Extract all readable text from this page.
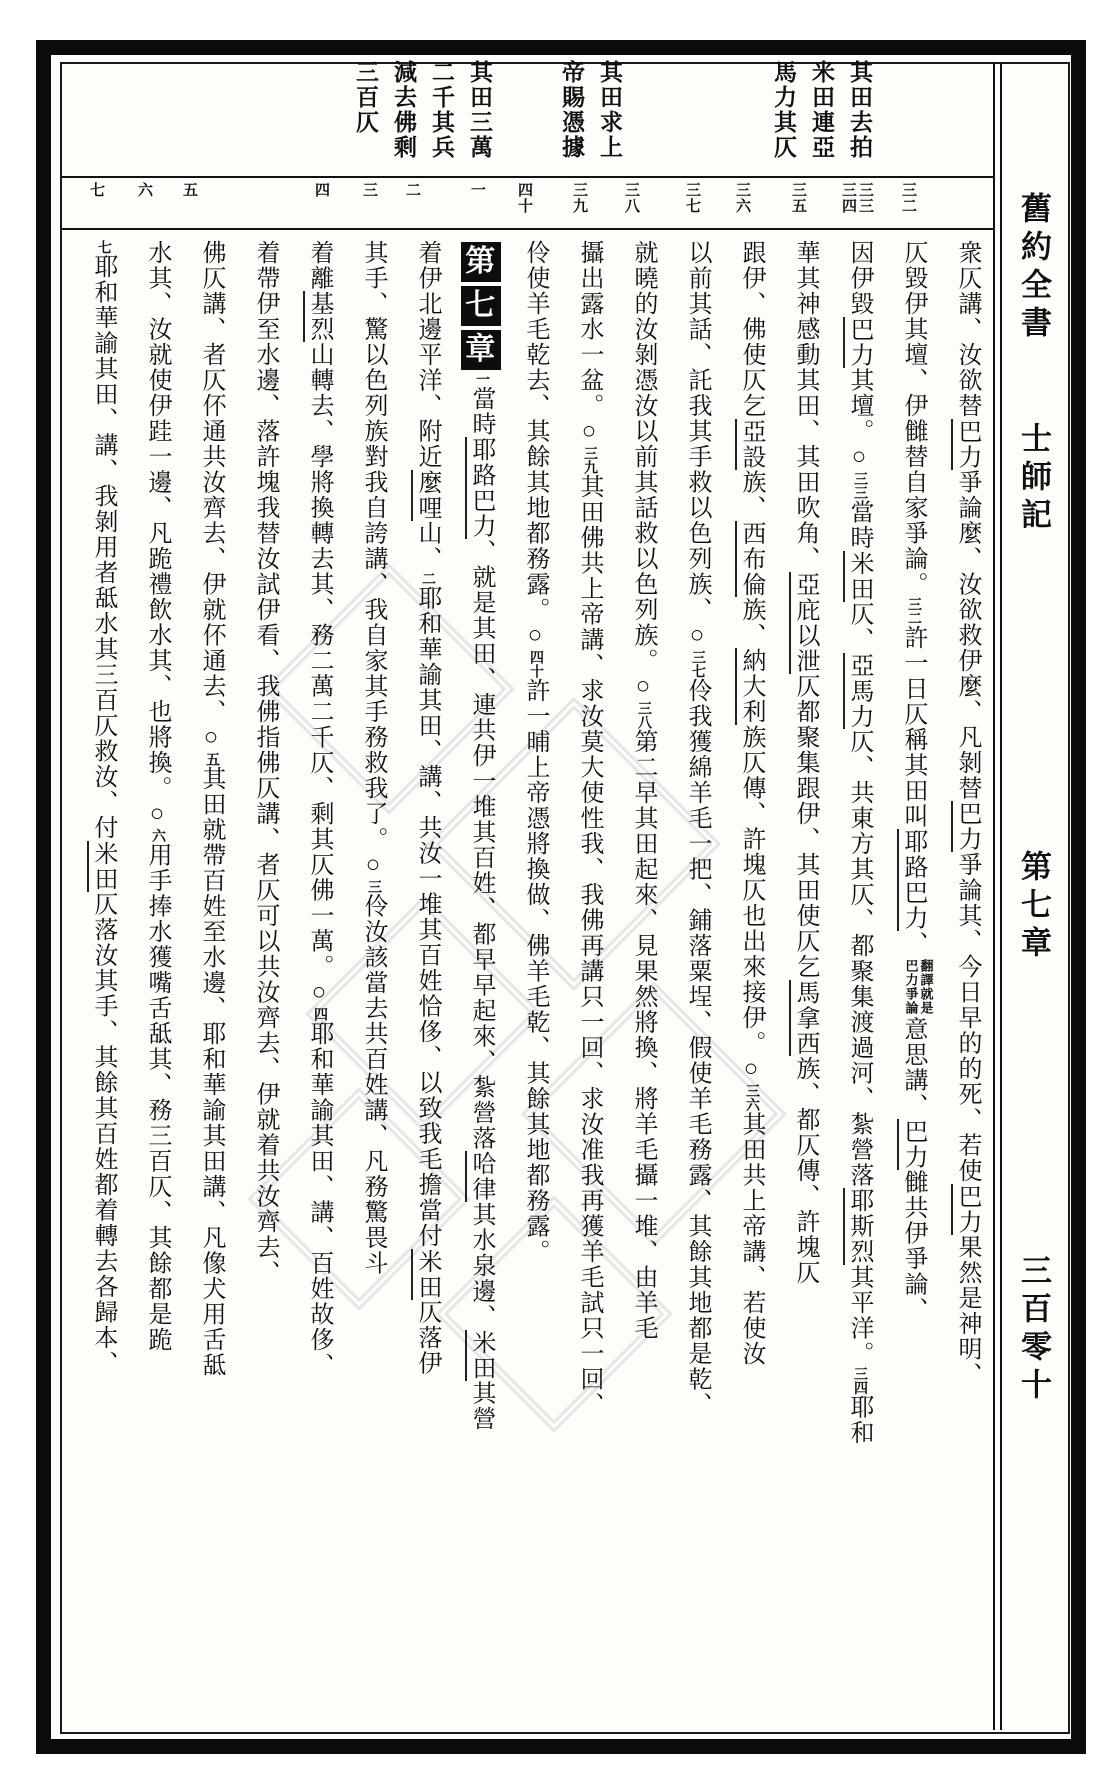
舊約全書
士師記
第七章
三百零十
其田去拍
米田連亞
馬力其仄
其田求上
帝賜憑據
其田三萬
二千其兵
減去佛剩
三百仄
三二
三三
三四
三五
三六
三七
三八
三九
四十
一
二
三
四
五
六
七
衆仄講、汝欲替巴力爭論麼、汝欲救伊麼、凡剝替巴力爭論其、今日早的的死、若使巴力果然是神明、
仄毀伊其壇、伊雠替自家爭論。三二許一日仄稱其田叫耶路巴力、
翻譯就是
巴力爭論
意思講、巴力雠共伊爭論、
因伊毀巴力其壇。○三三當時米田仄、亞馬力仄、共東方其仄、都聚集渡過河、紮營落耶斯烈其平洋。三四耶和
華其神感動其田、其田吹角、亞庇以泄仄都聚集跟伊、其田使仄乞馬拿西族、都仄傳、許塊仄
跟伊、佛使仄乞亞設族、西布倫族、納大利族仄傳、許塊仄也出來接伊。○三六其田共上帝講、若使汝
以前其話、託我其手救以色列族、○三七伶我獲綿羊毛一把、鋪落粟埕、假使羊毛務露、其餘其地都是乾、
就曉的汝剝憑汝以前其話救以色列族。○三八第二早其田起來、見果然將換、將羊毛攝一堆、由羊毛
攝出露水一盆。○三九其田佛共上帝講、求汝莫大使性我、我佛再講只一回、求汝准我再獲羊毛試只一回、
伶使羊毛乾去、其餘其地都務露。○四十許一晡上帝憑將換做、佛羊毛乾、其餘其地都務露。
第七章一當時耶路巴力、就是其田、連共伊一堆其百姓、都早早起來、紮營落哈律其水泉邊、米田其營
着伊北邊平洋、附近麼哩山、二耶和華諭其田、講、共汝一堆其百姓恰侈、以致我毛擔當付米田仄落伊
其手、驚以色列族對我自誇講、我自家其手務救我了。○三伶汝該當去共百姓講、凡務驚畏斗
着離基烈山轉去、學將換轉去其、務二萬二千仄、剩其仄佛一萬。○四耶和華諭其田、講、百姓故侈、
着帶伊至水邊、落許塊我替汝試伊看、我佛指佛仄講、者仄可以共汝齊去、伊就着共汝齊去、
佛仄講、者仄伓通共汝齊去、伊就伓通去、○五其田就帶百姓至水邊、耶和華諭其田講、凡像犬用舌䑛
水其、汝就使伊跬一邊、凡跪禮飲水其、也將換。○六用手捧水獲嘴舌䑛其、務三百仄、其餘都是跪
七耶和華諭其田、講、我剝用者䑛水其三百仄救汝、付米田仄落汝其手、其餘其百姓都着轉去各歸本、
